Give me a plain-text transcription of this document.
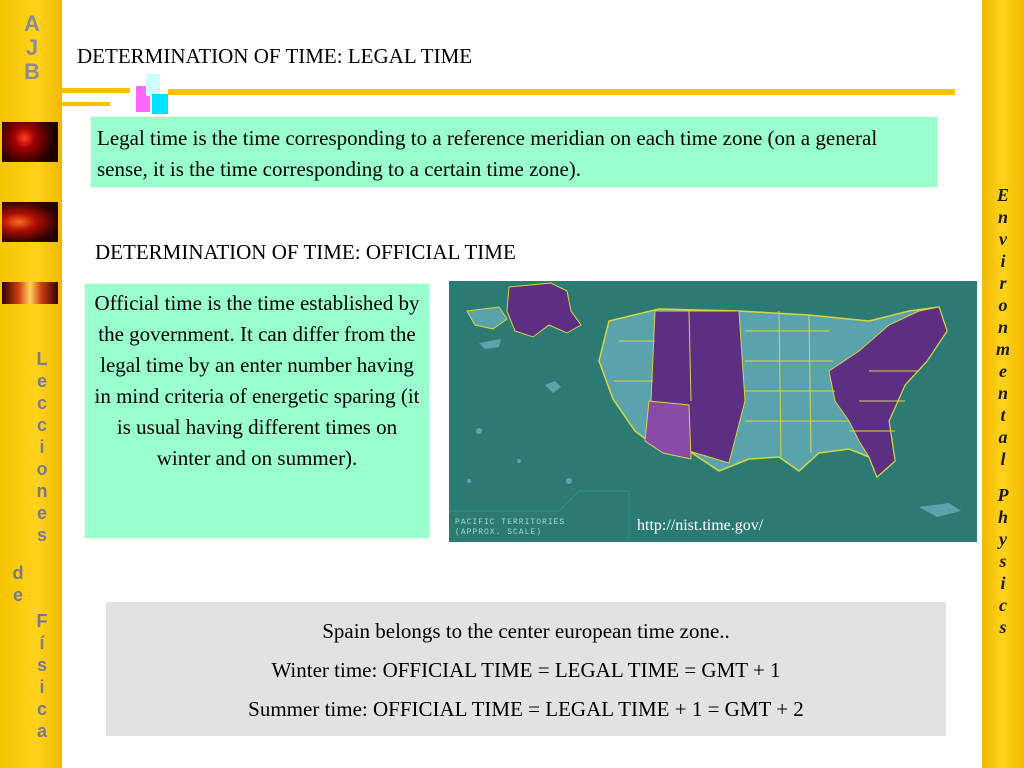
A
J
B
L
e
c
c
i
o
n
e
s
d
e
F
í
s
i
c
a
E
n
v
i
r
o
n
m
e
n
t
a
l
P
h
y
s
i
c
s
DETERMINATION OF TIME: LEGAL TIME
Legal time is the time corresponding to a reference meridian on each time zone (on a general sense, it is the time corresponding to a certain time zone).
DETERMINATION OF TIME: OFFICIAL TIME
Official time is the time established by the government. It can differ from the legal time by an enter number having in mind criteria of energetic sparing (it is usual having different times on winter and on summer).
PACIFIC TERRITORIES
(APPROX. SCALE)	http://nist.time.gov/
Spain belongs to the center european time zone..
Winter time: OFFICIAL TIME = LEGAL TIME = GMT + 1
Summer time: OFFICIAL TIME = LEGAL TIME + 1 = GMT + 2
